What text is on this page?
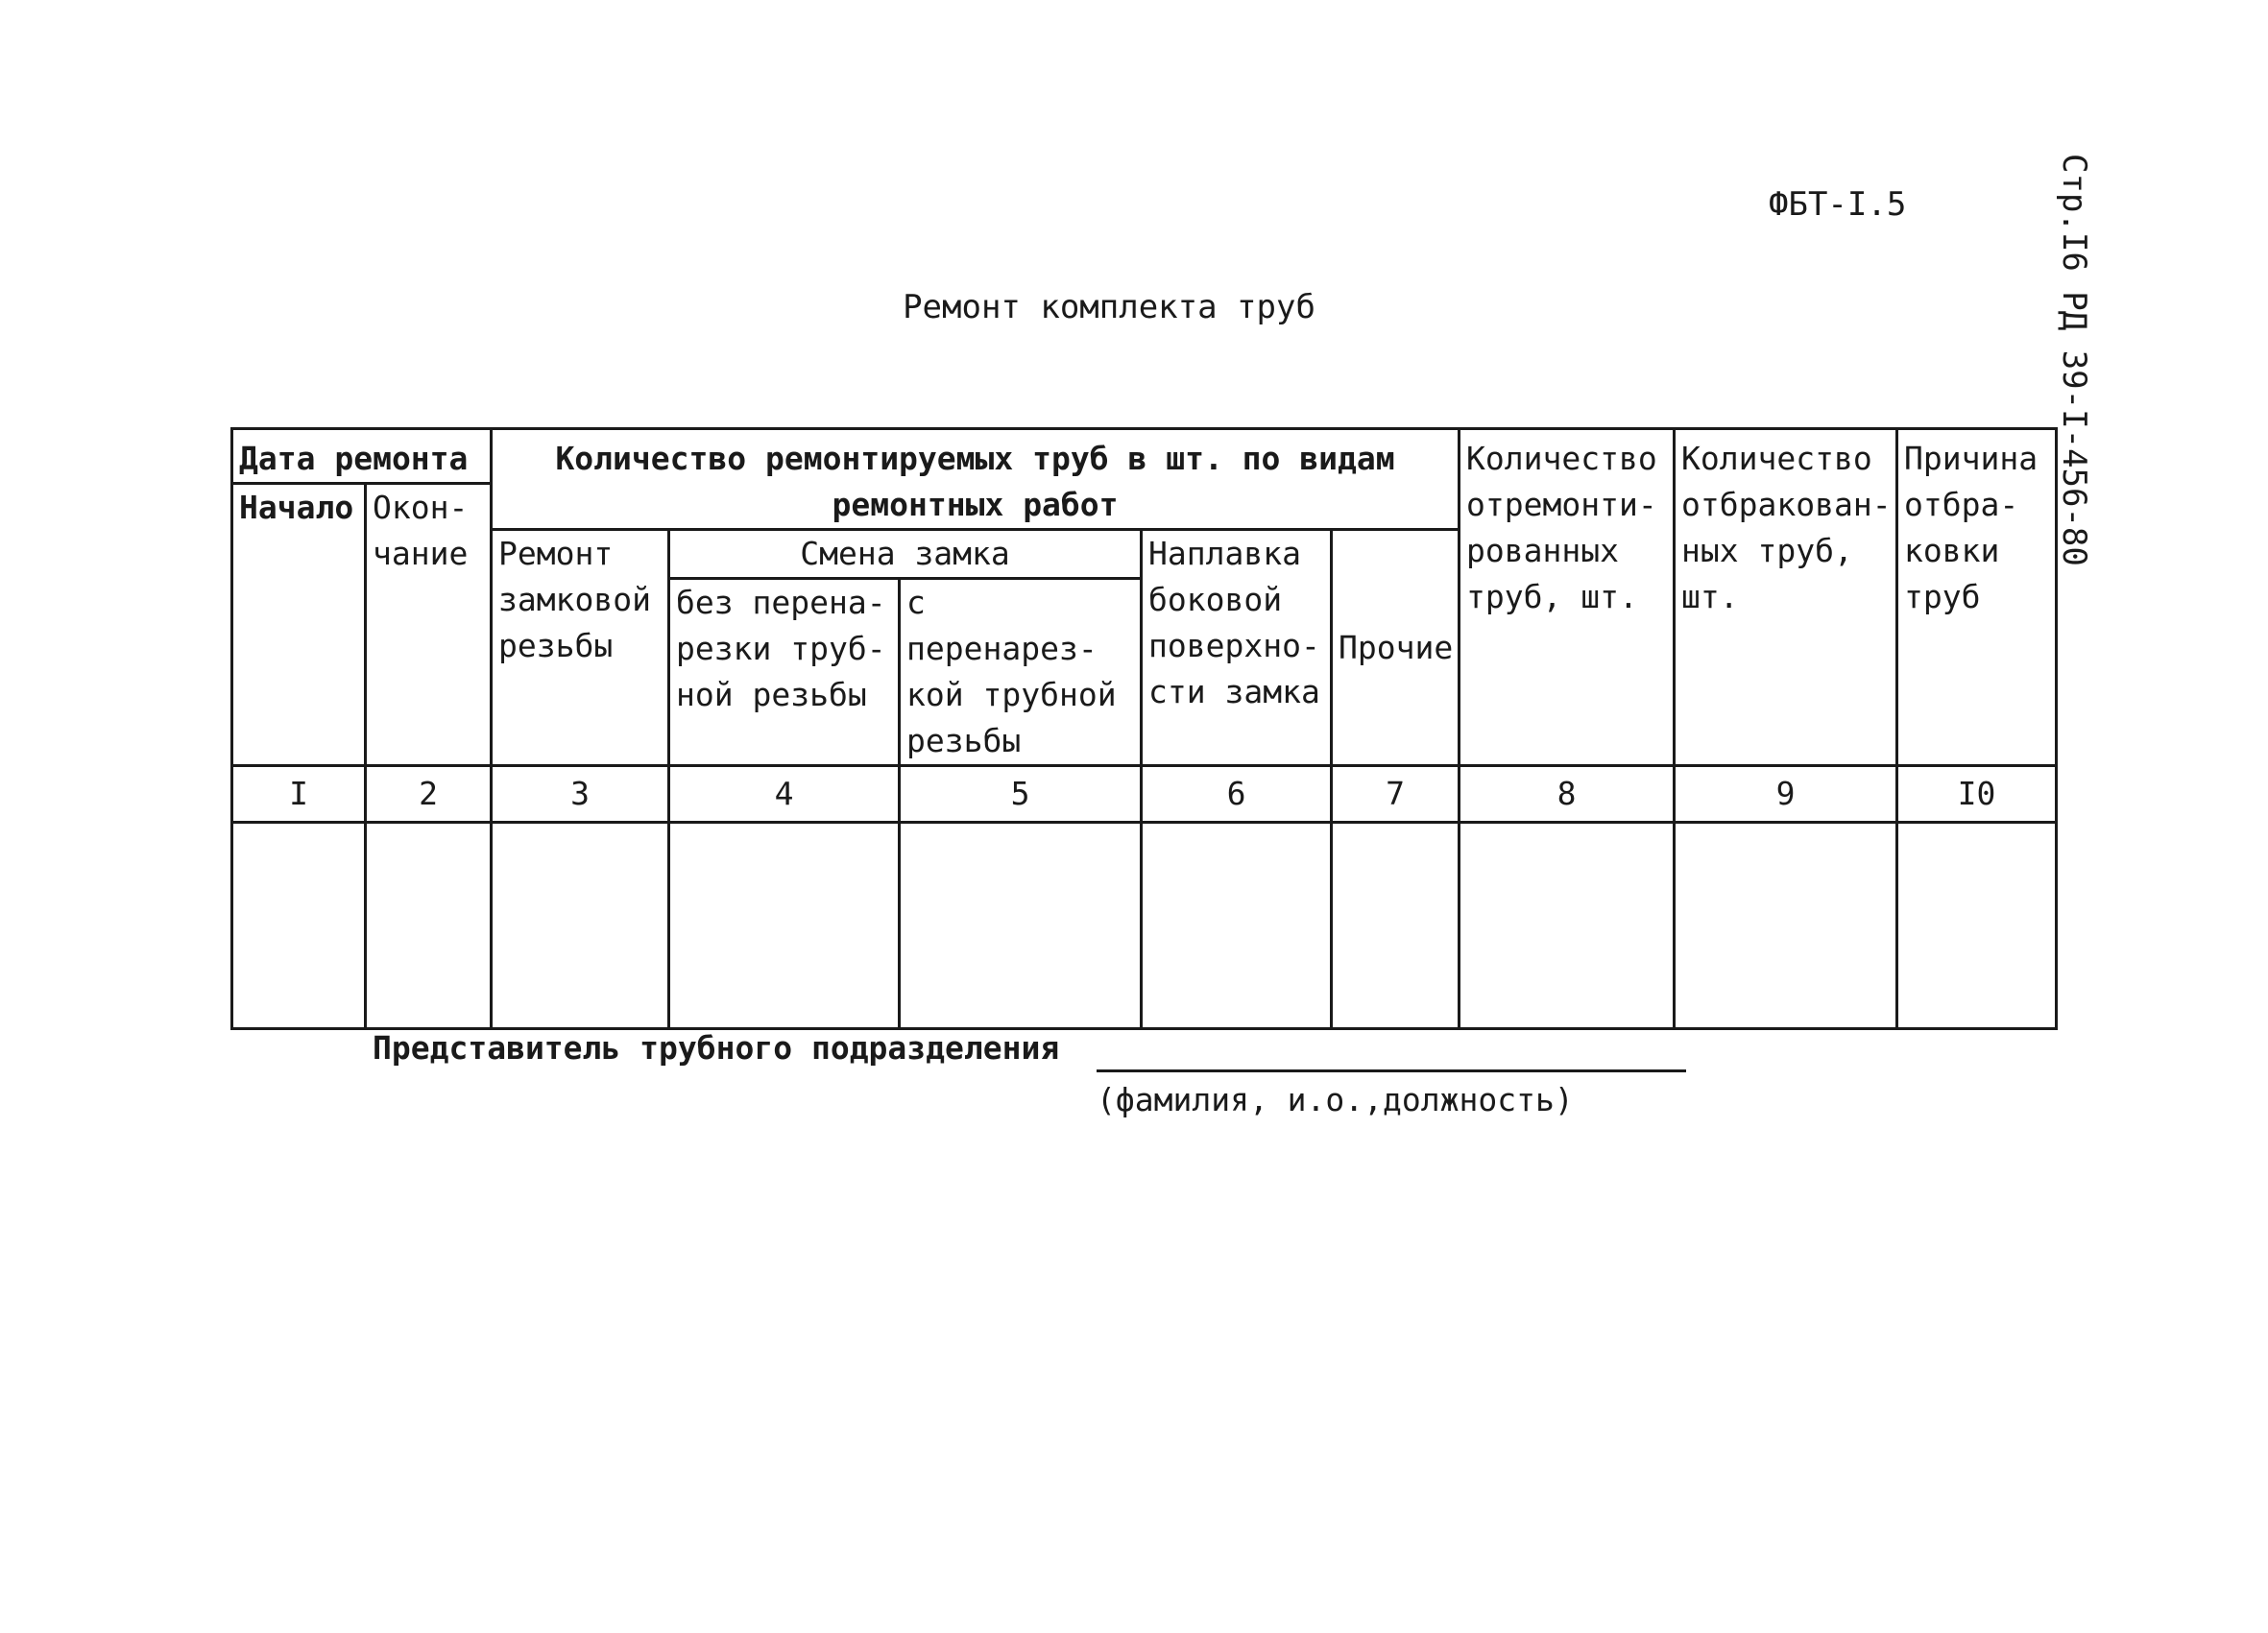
ФБТ-I.5	Стр.I6 РД 39-I-456-80
Ремонт комплекта труб
Дата ремонта		Количество ремонтируемых труб в шт. по видам ремонтных работ					Количество отремонти-рованных труб, шт.	Количество отбракован-ных труб, шт.	Причина отбра-ковки труб
Начало	Окон-чание								
		Ремонт замковой резьбы	Смена замка		Наплавка боковой поверхно-сти замка	Прочие			
			без перена-резки труб-ной резьбы	с перенарез-кой трубной резьбы					
I	2	3	4	5	6	7	8	9	I0

Представитель трубного подразделения
(фамилия, и.о.,должность)
